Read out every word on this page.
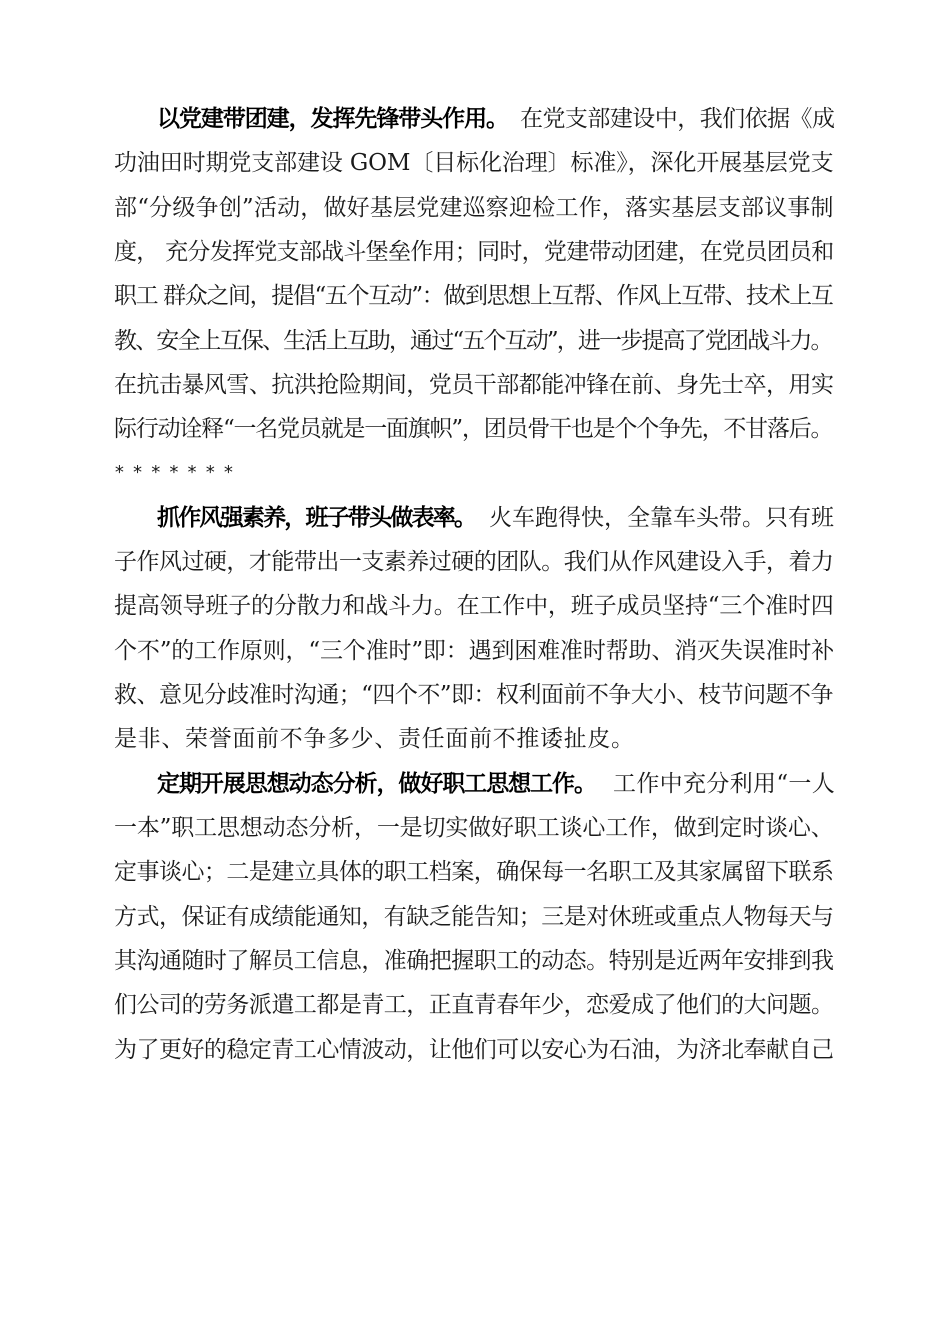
以党建带团建，发挥先锋带头作用。 在党支部建设中，我们依据《成
功油田时期党支部建设 GOM〔目标化治理〕标准》，深化开展基层党支
部“分级争创”活动，做好基层党建巡察迎检工作，落实基层支部议事制
度， 充分发挥党支部战斗堡垒作用；同时，党建带动团建，在党员团员和
职工 群众之间，提倡“五个互动”：做到思想上互帮、作风上互带、技术上互
教、安全上互保、生活上互助，通过“五个互动”，进一步提高了党团战斗力。
在抗击暴风雪、抗洪抢险期间，党员干部都能冲锋在前、身先士卒，用实
际行动诠释“一名党员就是一面旗帜”，团员骨干也是个个争先，不甘落后。
*******
抓作风强素养，班子带头做表率。 火车跑得快，全靠车头带。只有班
子作风过硬，才能带出一支素养过硬的团队。我们从作风建设入手，着力
提高领导班子的分散力和战斗力。在工作中，班子成员坚持“三个准时四
个不”的工作原则，“三个准时”即：遇到困难准时帮助、消灭失误准时补
救、意见分歧准时沟通；“四个不”即：权利面前不争大小、枝节问题不争
是非、荣誉面前不争多少、责任面前不推诿扯皮。
定期开展思想动态分析，做好职工思想工作。 工作中充分利用“一人
一本”职工思想动态分析，一是切实做好职工谈心工作，做到定时谈心、
定事谈心；二是建立具体的职工档案，确保每一名职工及其家属留下联系
方式，保证有成绩能通知，有缺乏能告知；三是对休班或重点人物每天与
其沟通随时了解员工信息，准确把握职工的动态。特别是近两年安排到我
们公司的劳务派遣工都是青工，正直青春年少，恋爱成了他们的大问题。
为了更好的稳定青工心情波动，让他们可以安心为石油，为济北奉献自己
